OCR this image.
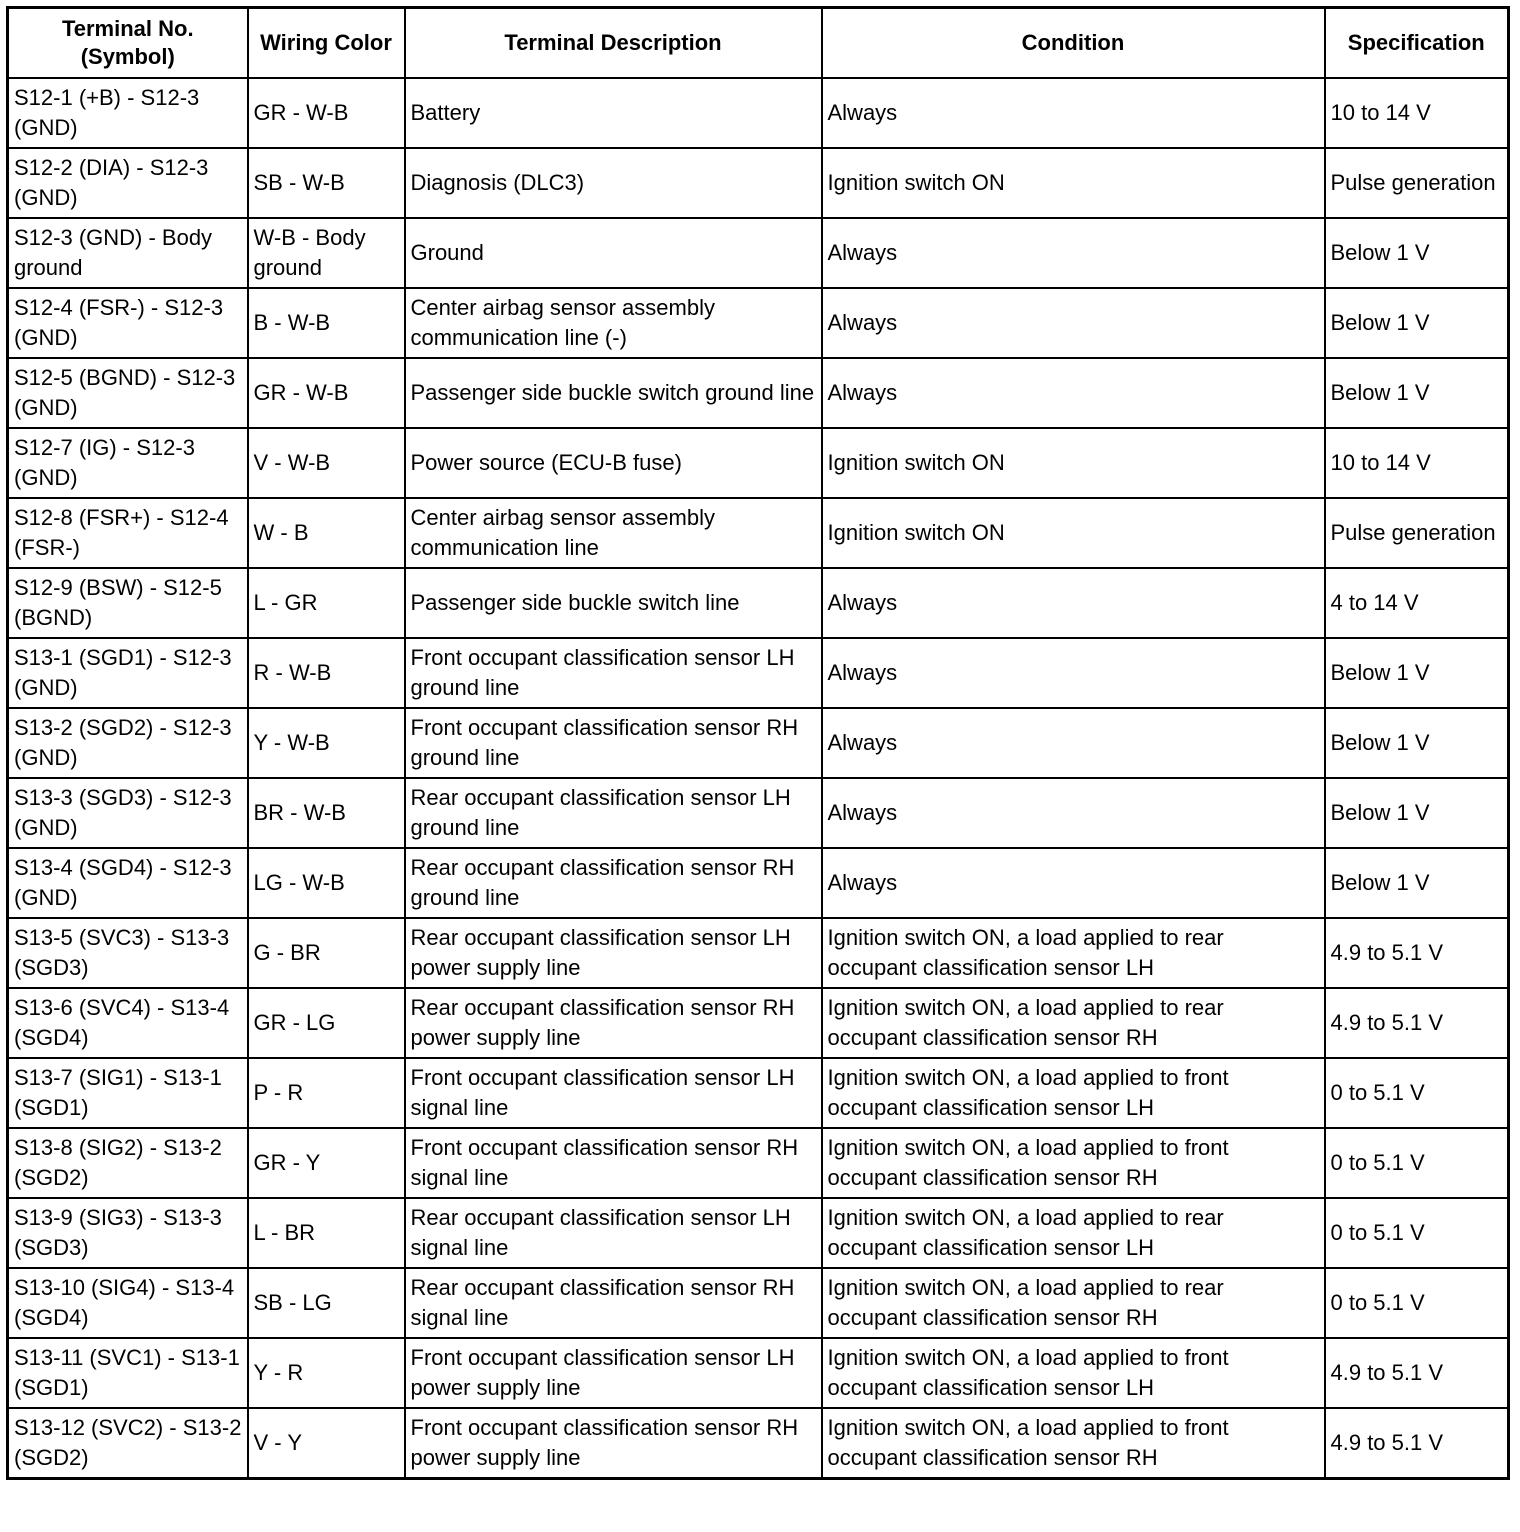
Terminal No. (Symbol)	Wiring Color	Terminal Description	Condition	Specification
S12-1 (+B) - S12-3 (GND)	GR - W-B	Battery	Always	10 to 14 V
S12-2 (DIA) - S12-3 (GND)	SB - W-B	Diagnosis (DLC3)	Ignition switch ON	Pulse generation
S12-3 (GND) - Body ground	W-B - Body ground	Ground	Always	Below 1 V
S12-4 (FSR-) - S12-3 (GND)	B - W-B	Center airbag sensor assembly communication line (-)	Always	Below 1 V
S12-5 (BGND) - S12-3 (GND)	GR - W-B	Passenger side buckle switch ground line	Always	Below 1 V
S12-7 (IG) - S12-3 (GND)	V - W-B	Power source (ECU-B fuse)	Ignition switch ON	10 to 14 V
S12-8 (FSR+) - S12-4 (FSR-)	W - B	Center airbag sensor assembly communication line	Ignition switch ON	Pulse generation
S12-9 (BSW) - S12-5 (BGND)	L - GR	Passenger side buckle switch line	Always	4 to 14 V
S13-1 (SGD1) - S12-3 (GND)	R - W-B	Front occupant classification sensor LH ground line	Always	Below 1 V
S13-2 (SGD2) - S12-3 (GND)	Y - W-B	Front occupant classification sensor RH ground line	Always	Below 1 V
S13-3 (SGD3) - S12-3 (GND)	BR - W-B	Rear occupant classification sensor LH ground line	Always	Below 1 V
S13-4 (SGD4) - S12-3 (GND)	LG - W-B	Rear occupant classification sensor RH ground line	Always	Below 1 V
S13-5 (SVC3) - S13-3 (SGD3)	G - BR	Rear occupant classification sensor LH power supply line	Ignition switch ON, a load applied to rear occupant classification sensor LH	4.9 to 5.1 V
S13-6 (SVC4) - S13-4 (SGD4)	GR - LG	Rear occupant classification sensor RH power supply line	Ignition switch ON, a load applied to rear occupant classification sensor RH	4.9 to 5.1 V
S13-7 (SIG1) - S13-1 (SGD1)	P - R	Front occupant classification sensor LH signal line	Ignition switch ON, a load applied to front occupant classification sensor LH	0 to 5.1 V
S13-8 (SIG2) - S13-2 (SGD2)	GR - Y	Front occupant classification sensor RH signal line	Ignition switch ON, a load applied to front occupant classification sensor RH	0 to 5.1 V
S13-9 (SIG3) - S13-3 (SGD3)	L - BR	Rear occupant classification sensor LH signal line	Ignition switch ON, a load applied to rear occupant classification sensor LH	0 to 5.1 V
S13-10 (SIG4) - S13-4 (SGD4)	SB - LG	Rear occupant classification sensor RH signal line	Ignition switch ON, a load applied to rear occupant classification sensor RH	0 to 5.1 V
S13-11 (SVC1) - S13-1 (SGD1)	Y - R	Front occupant classification sensor LH power supply line	Ignition switch ON, a load applied to front occupant classification sensor LH	4.9 to 5.1 V
S13-12 (SVC2) - S13-2 (SGD2)	V - Y	Front occupant classification sensor RH power supply line	Ignition switch ON, a load applied to front occupant classification sensor RH	4.9 to 5.1 V
